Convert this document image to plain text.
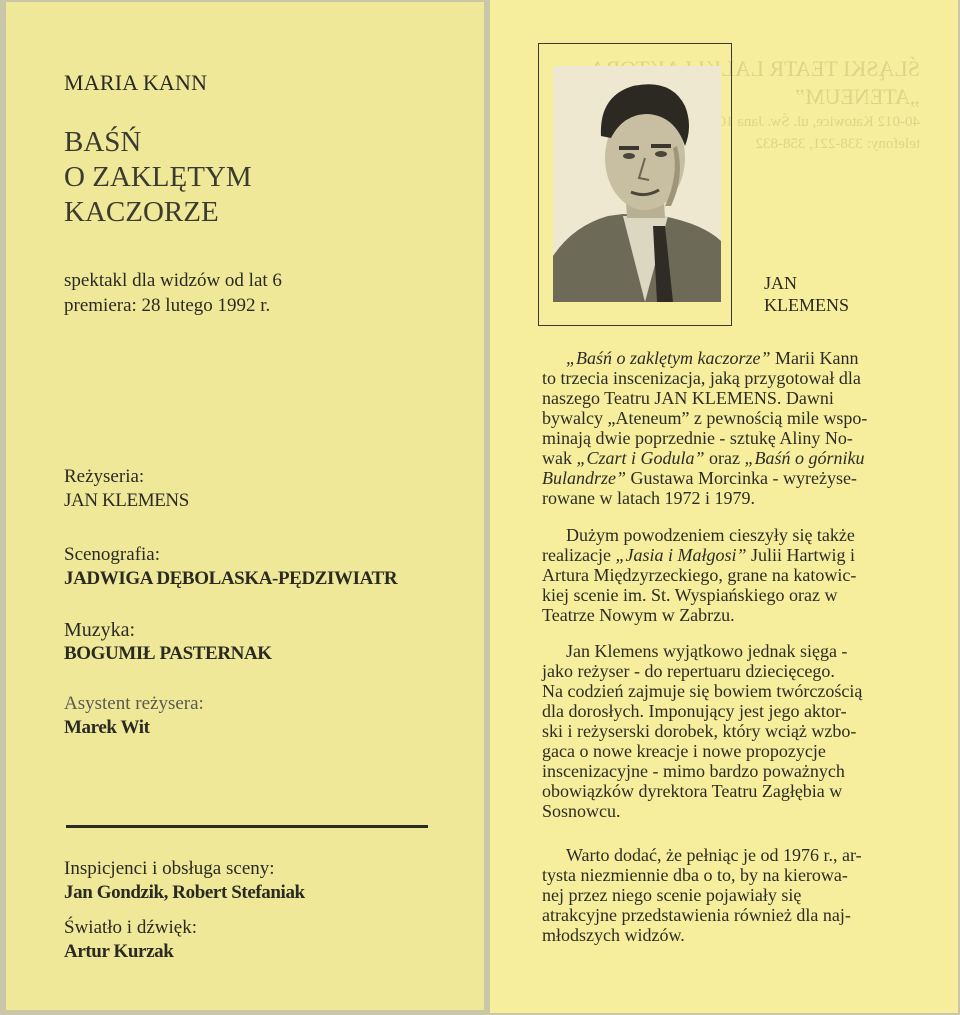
MARIA KANN
BAŚŃ
O ZAKLĘTYM
KACZORZE
spektakl dla widzów od lat 6
premiera: 28 lutego 1992 r.
Reżyseria:
JAN KLEMENS
Scenografia:
JADWIGA DĘBOLASKA-PĘDZIWIATR
Muzyka:
BOGUMIŁ PASTERNAK
Asystent reżysera:
Marek Wit
Inspicjenci i obsługa sceny:
Jan Gondzik, Robert Stefaniak
Światło i dźwięk:
Artur Kurzak
JAN
KLEMENS

„Baśń o zaklętym kaczorze” Marii Kann

to trzecia inscenizacja, jaką przygotował dla

naszego Teatru JAN KLEMENS. Dawni

bywalcy „Ateneum” z pewnością mile wspo-

minają dwie poprzednie - sztukę Aliny No-

wak „Czart i Godula” oraz „Baśń o górniku

Bulandrze” Gustawa Morcinka - wyreżyse-

rowane w latach 1972 i 1979.

Dużym powodzeniem cieszyły się także

realizacje „Jasia i Małgosi” Julii Hartwig i

Artura Międzyrzeckiego, grane na katowic-

kiej scenie im. St. Wyspiańskiego oraz w

Teatrze Nowym w Zabrzu.

Jan Klemens wyjątkowo jednak sięga -

jako reżyser - do repertuaru dziecięcego.

Na codzień zajmuje się bowiem twórczością

dla dorosłych. Imponujący jest jego aktor-

ski i reżyserski dorobek, który wciąż wzbo-

gaca o nowe kreacje i nowe propozycje

inscenizacyjne - mimo bardzo poważnych

obowiązków dyrektora Teatru Zagłębia w

Sosnowcu.

Warto dodać, że pełniąc je od 1976 r., ar-

tysta niezmiennie dba o to, by na kierowa-

nej przez niego scenie pojawiały się

atrakcyjne przedstawienia również dla naj-

młodszych widzów.
